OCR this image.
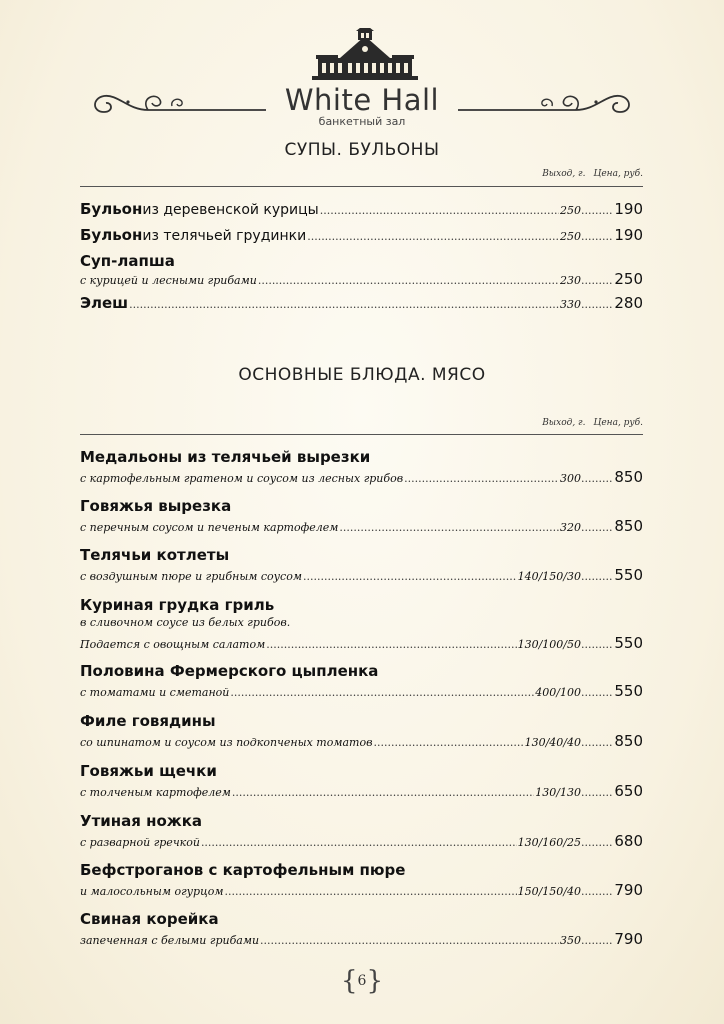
White Hall
банкетный зал
СУПЫ. БУЛЬОНЫ
Выход, г. Цена, руб.
Бульон из деревенской курицы .....	250 ..... 190
Бульон из телячьей грудинки .....	250 ..... 190
Суп-лапша
с курицей и лесными грибами .....	230 ..... 250
Элеш .....	330 ..... 280
ОСНОВНЫЕ БЛЮДА. МЯСО
Выход, г. Цена, руб.
Медальоны из телячьей вырезки
с картофельным гратеном и соусом из лесных грибов .....	300 ..... 850
Говяжья вырезка
с перечным соусом и печеным картофелем .....	320 ..... 850
Телячьи котлеты
с воздушным пюре и грибным соусом .....	140/150/30 ..... 550
Куриная грудка гриль
в сливочном соусе из белых грибов.
Подается с овощным салатом .....	130/100/50 ..... 550
Половина Фермерского цыпленка
с томатами и сметаной .....	400/100 ..... 550
Филе говядины
со шпинатом и соусом из подкопченых томатов .....	130/40/40 ..... 850
Говяжьи щечки
с толченым картофелем .....	130/130 ..... 650
Утиная ножка
с разварной гречкой .....	130/160/25 ..... 680
Бефстроганов с картофельным пюре
и малосольным огурцом .....	150/150/40 ..... 790
Свиная корейка
запеченная с белыми грибами .....	350 ..... 790
{6}
